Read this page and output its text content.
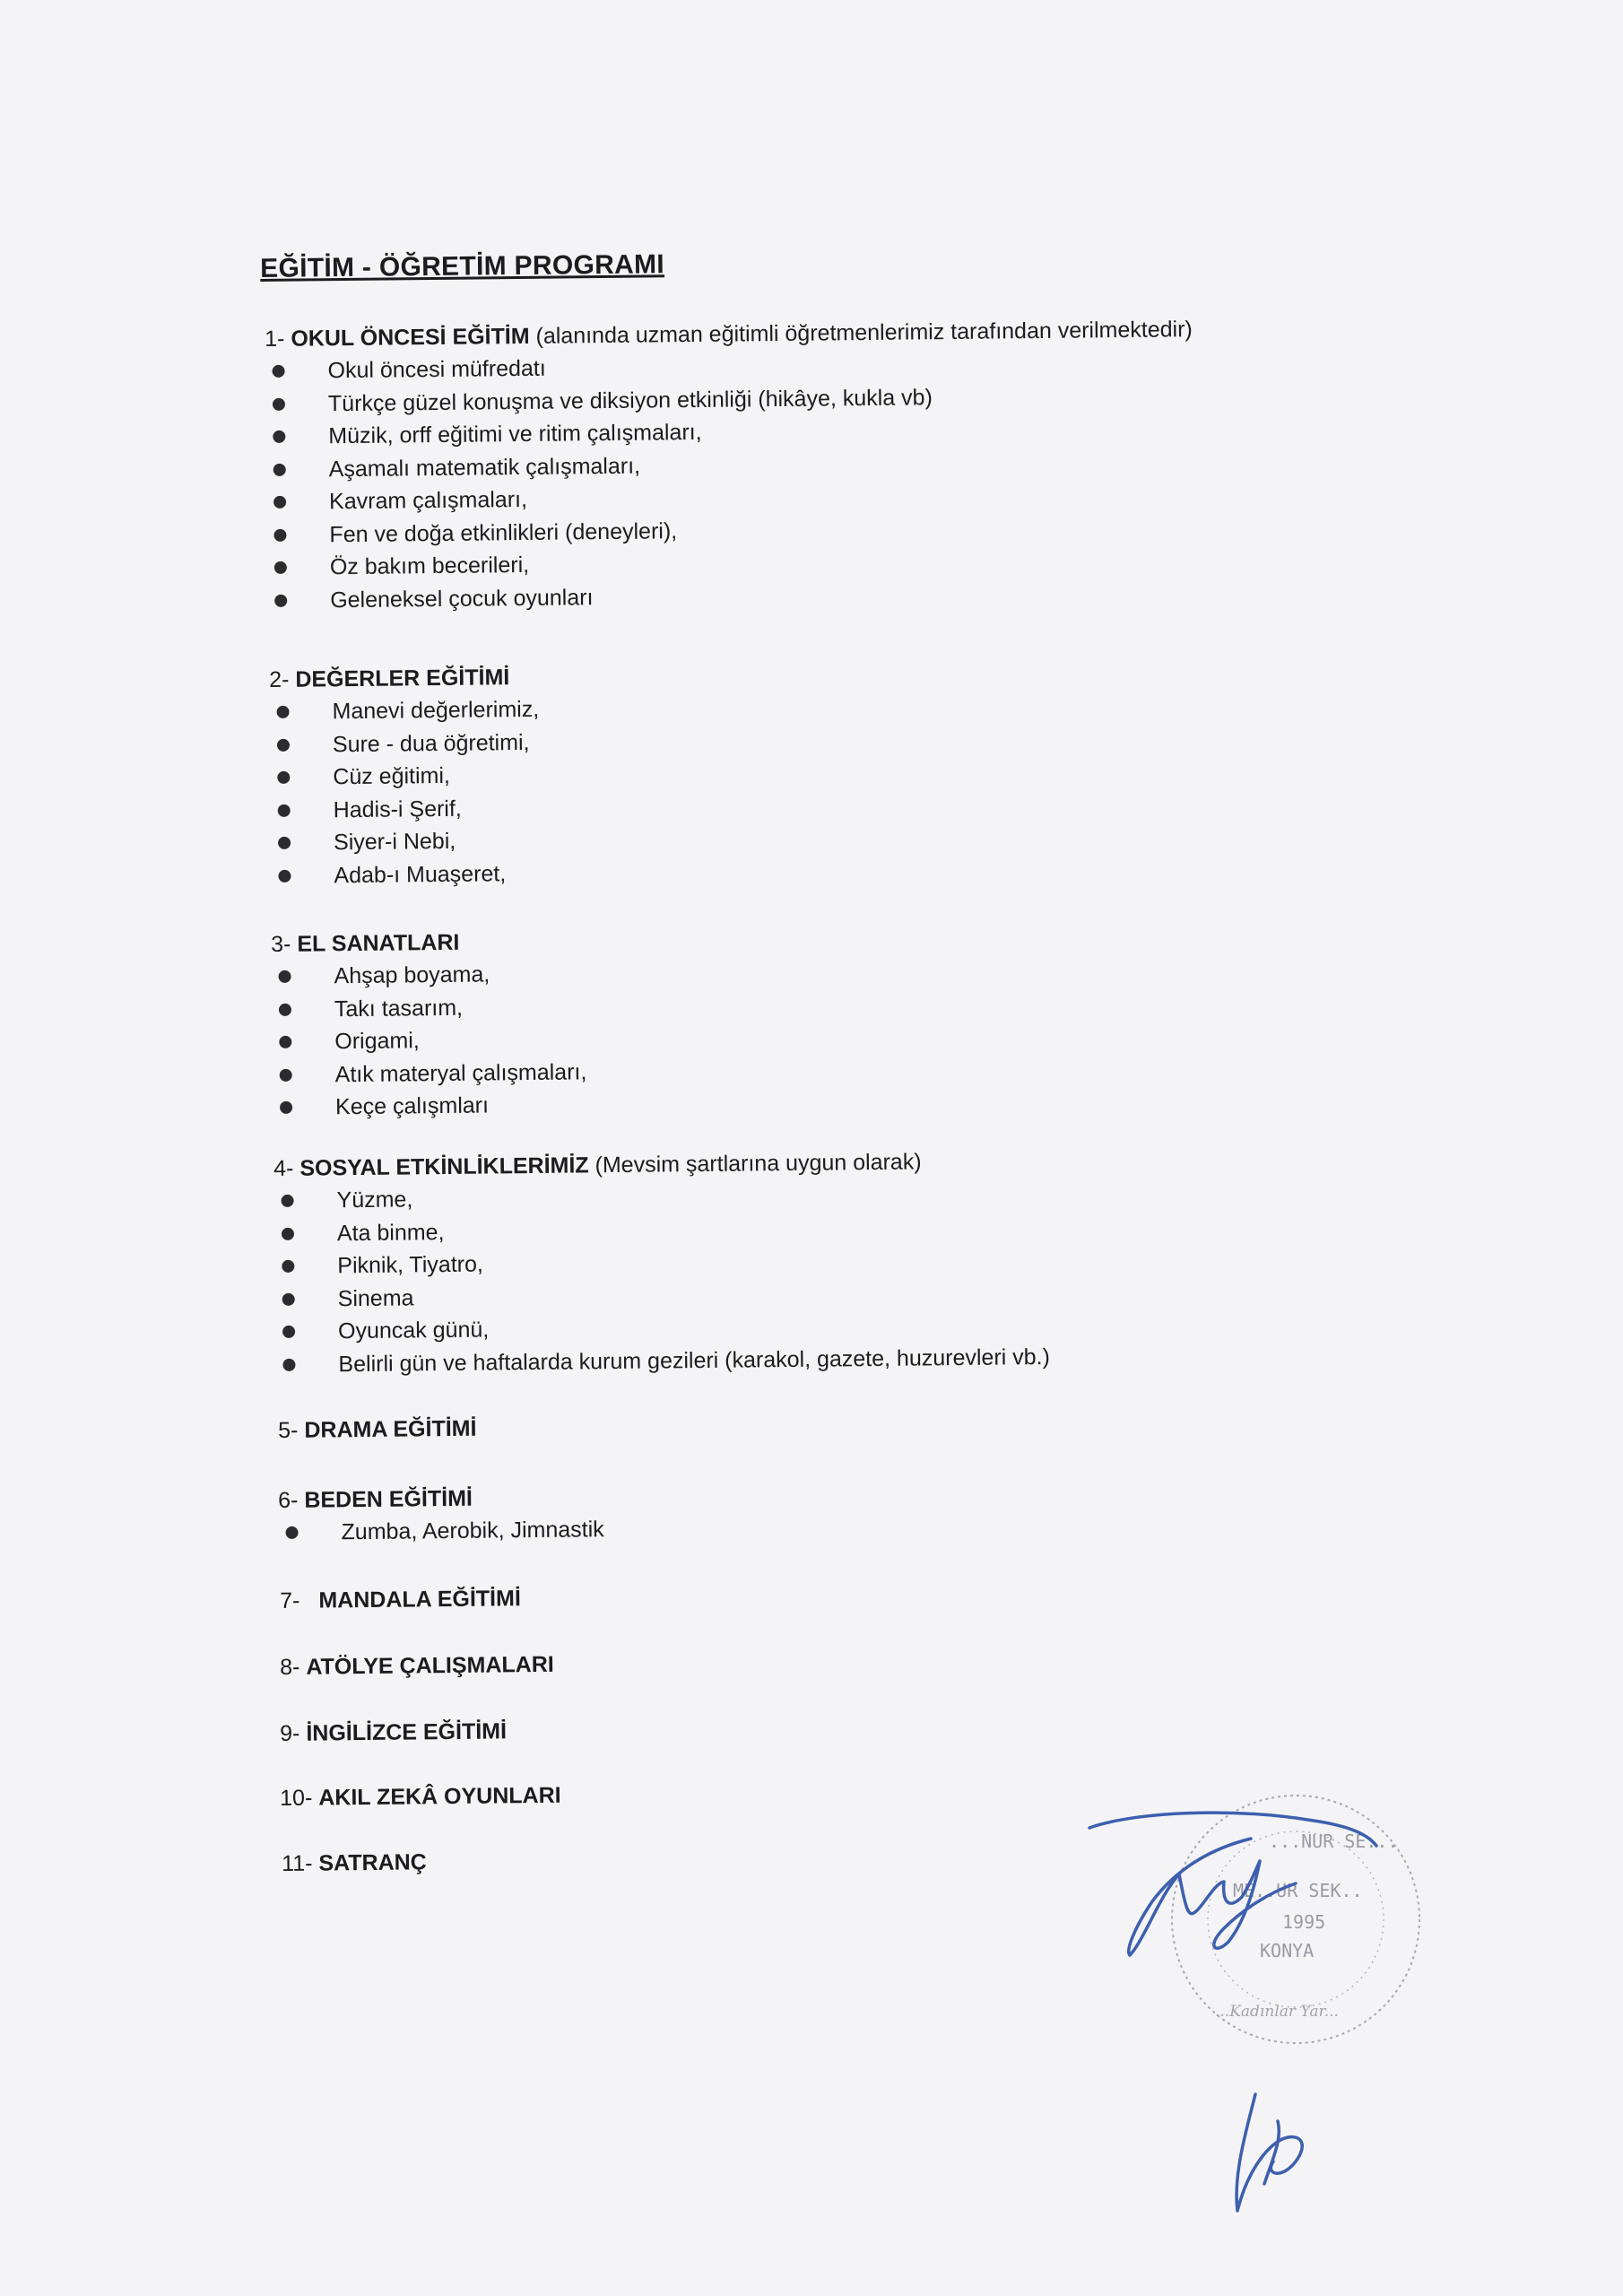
EĞİTİM - ÖĞRETİM PROGRAMI
1- OKUL ÖNCESİ EĞİTİM (alanında uzman eğitimli öğretmenlerimiz tarafından verilmektedir)
Okul öncesi müfredatı
Türkçe güzel konuşma ve diksiyon etkinliği (hikâye, kukla vb)
Müzik, orff eğitimi ve ritim çalışmaları,
Aşamalı matematik çalışmaları,
Kavram çalışmaları,
Fen ve doğa etkinlikleri (deneyleri),
Öz bakım becerileri,
Geleneksel çocuk oyunları
2- DEĞERLER EĞİTİMİ
Manevi değerlerimiz,
Sure - dua öğretimi,
Cüz eğitimi,
Hadis-i Şerif,
Siyer-i Nebi,
Adab-ı Muaşeret,
3- EL SANATLARI
Ahşap boyama,
Takı tasarım,
Origami,
Atık materyal çalışmaları,
Keçe çalışmları
4- SOSYAL ETKİNLİKLERİMİZ (Mevsim şartlarına uygun olarak)
Yüzme,
Ata binme,
Piknik, Tiyatro,
Sinema
Oyuncak günü,
Belirli gün ve haftalarda kurum gezileri (karakol, gazete, huzurevleri vb.)
5- DRAMA EĞİTİMİ
6- BEDEN EĞİTİMİ
Zumba, Aerobik, Jimnastik
7- MANDALA EĞİTİMİ
8- ATÖLYE ÇALIŞMALARI
9- İNGİLİZCE EĞİTİMİ
10- AKIL ZEKÂ OYUNLARI
11- SATRANÇ
...NUR SE...
ME..UR SEK..
1995
KONYA
...Kadınlar Yar...
